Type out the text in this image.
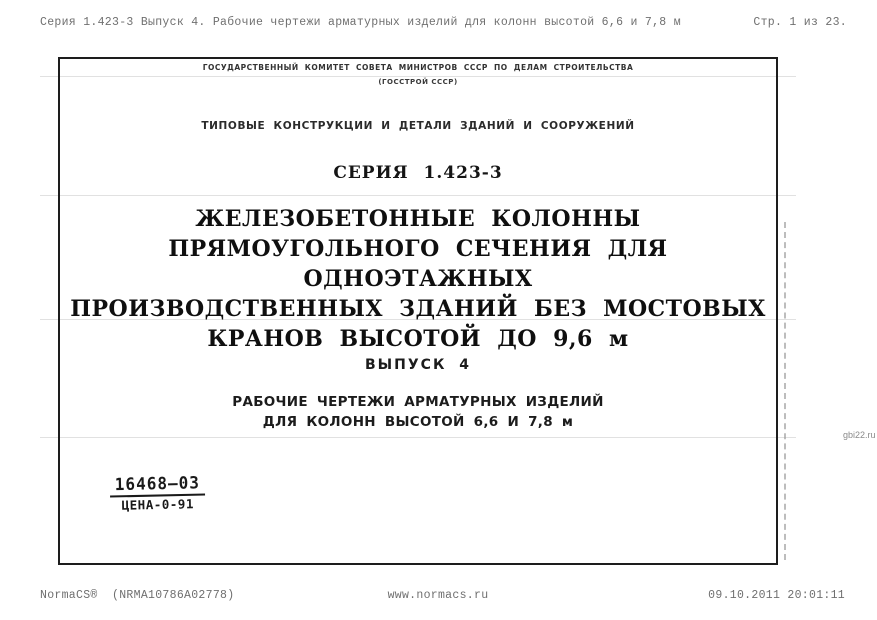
Серия 1.423-3 Выпуск 4. Рабочие чертежи арматурных изделий для колонн высотой 6,6 и 7,8 м	Стр. 1 из 23.
ГОСУДАРСТВЕННЫЙ КОМИТЕТ СОВЕТА МИНИСТРОВ СССР ПО ДЕЛАМ СТРОИТЕЛЬСТВА
(ГОССТРОЙ СССР)
ТИПОВЫЕ КОНСТРУКЦИИ И ДЕТАЛИ ЗДАНИЙ И СООРУЖЕНИЙ
СЕРИЯ 1.423-3
ЖЕЛЕЗОБЕТОННЫЕ КОЛОННЫ
ПРЯМОУГОЛЬНОГО СЕЧЕНИЯ ДЛЯ ОДНОЭТАЖНЫХ
ПРОИЗВОДСТВЕННЫХ ЗДАНИЙ БЕЗ МОСТОВЫХ
КРАНОВ ВЫСОТОЙ ДО 9,6 м
ВЫПУСК 4
РАБОЧИЕ ЧЕРТЕЖИ АРМАТУРНЫХ ИЗДЕЛИЙ
ДЛЯ КОЛОНН ВЫСОТОЙ 6,6 И 7,8 м
16468–03
ЦЕНА-0-91
gbi22.ru
NormaCS®  (NRMA10786A02778)	www.normacs.ru	09.10.2011 20:01:11
